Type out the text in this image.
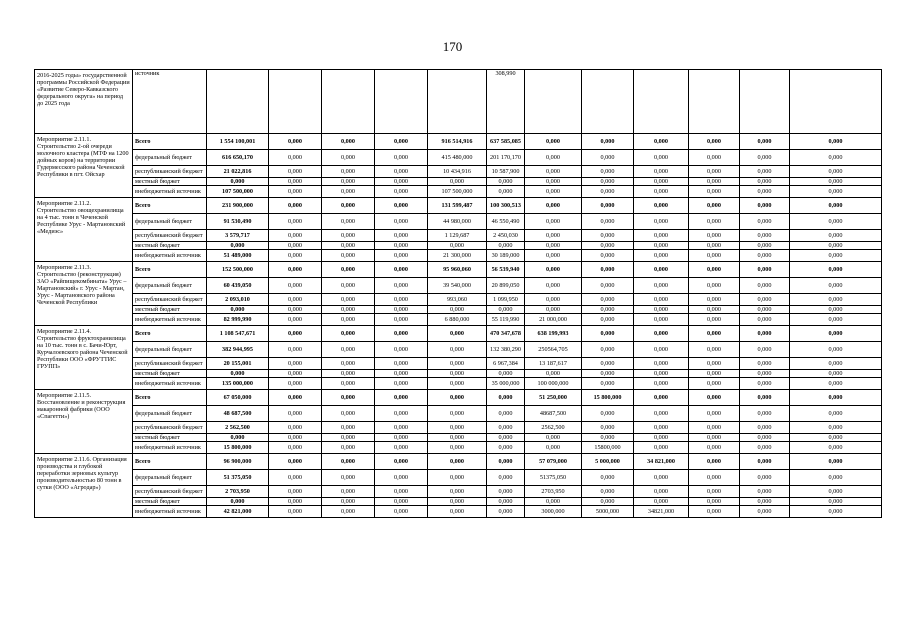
170
2016-2025 годы» государственной программы Российской Федерации «Развитие Северо-Кавказского федерального округа» на период до 2025 года	источник						308,990						
Мероприятие 2.11.1. Строительство 2-ой очереди молочного кластера (МТФ на 1200 дойных коров) на территории Гудермесского района Чеченской Республики в пгт. Ойсхар	Всего	1 554 100,001	0,000	0,000	0,000	916 514,916	637 585,085	0,000	0,000	0,000	0,000	0,000	0,000
	федеральный бюджет	616 650,170	0,000	0,000	0,000	415 480,000	201 170,170	0,000	0,000	0,000	0,000	0,000	0,000
	республиканский бюджет	21 022,816	0,000	0,000	0,000	10 434,916	10 587,900	0,000	0,000	0,000	0,000	0,000	0,000
	местный бюджет	0,000	0,000	0,000	0,000	0,000	0,000	0,000	0,000	0,000	0,000	0,000	0,000
	внебюджетный источник	107 500,000	0,000	0,000	0,000	107 500,000	0,000	0,000	0,000	0,000	0,000	0,000	0,000
Мероприятие 2.11.2. Строительство овощехранилища на 4 тыс. тонн в Чеченской Республике Урус - Мартановский «Медиэс»	Всего	231 900,000	0,000	0,000	0,000	131 599,487	100 300,513	0,000	0,000	0,000	0,000	0,000	0,000
	федеральный бюджет	91 530,490	0,000	0,000	0,000	44 980,000	46 550,490	0,000	0,000	0,000	0,000	0,000	0,000
	республиканский бюджет	3 579,717	0,000	0,000	0,000	1 129,687	2 450,030	0,000	0,000	0,000	0,000	0,000	0,000
	местный бюджет	0,000	0,000	0,000	0,000	0,000	0,000	0,000	0,000	0,000	0,000	0,000	0,000
	внебюджетный источник	51 489,000	0,000	0,000	0,000	21 300,000	30 189,000	0,000	0,000	0,000	0,000	0,000	0,000
Мероприятие 2.11.3. Строительство (реконструкция) ЗАО «Райпищекомбината» Урус – Мартановский» г. Урус - Мартан, Урус - Мартановского района Чеченской Республики	Всего	152 500,000	0,000	0,000	0,000	95 960,060	56 539,940	0,000	0,000	0,000	0,000	0,000	0,000
	федеральный бюджет	60 439,050	0,000	0,000	0,000	39 540,000	20 899,050	0,000	0,000	0,000	0,000	0,000	0,000
	республиканский бюджет	2 093,010	0,000	0,000	0,000	993,060	1 099,950	0,000	0,000	0,000	0,000	0,000	0,000
	местный бюджет	0,000	0,000	0,000	0,000	0,000	0,000	0,000	0,000	0,000	0,000	0,000	0,000
	внебюджетный источник	82 999,990	0,000	0,000	0,000	6 880,000	55 119,990	21 000,000	0,000	0,000	0,000	0,000	0,000
Мероприятие 2.11.4. Строительство фруктохранилища на 10 тыс. тонн в с. Бачи-Юрт, Курчалоевского района Чеченской Республики ООО «ФРУТТИС ГРУПП»	Всего	1 108 547,671	0,000	0,000	0,000	0,000	470 347,678	638 199,993	0,000	0,000	0,000	0,000	0,000
	федеральный бюджет	382 944,995	0,000	0,000	0,000	0,000	132 380,290	250564,705	0,000	0,000	0,000	0,000	0,000
	республиканский бюджет	20 155,001	0,000	0,000	0,000	0,000	6 967,384	13 187,617	0,000	0,000	0,000	0,000	0,000
	местный бюджет	0,000	0,000	0,000	0,000	0,000	0,000	0,000	0,000	0,000	0,000	0,000	0,000
	внебюджетный источник	135 000,000	0,000	0,000	0,000	0,000	35 000,000	100 000,000	0,000	0,000	0,000	0,000	0,000
Мероприятие 2.11.5. Восстановление и реконструкция макаронной фабрики (ООО «Спагетти»)	Всего	67 050,000	0,000	0,000	0,000	0,000	0,000	51 250,000	15 800,000	0,000	0,000	0,000	0,000
	федеральный бюджет	48 687,500	0,000	0,000	0,000	0,000	0,000	48687,500	0,000	0,000	0,000	0,000	0,000
	республиканский бюджет	2 562,500	0,000	0,000	0,000	0,000	0,000	2562,500	0,000	0,000	0,000	0,000	0,000
	местный бюджет	0,000	0,000	0,000	0,000	0,000	0,000	0,000	0,000	0,000	0,000	0,000	0,000
	внебюджетный источник	15 800,000	0,000	0,000	0,000	0,000	0,000	0,000	15800,000	0,000	0,000	0,000	0,000
Мероприятие 2.11.6. Организация производства и глубокой переработки зерновых культур производительностью 80 тонн в сутки (ООО «Агродар»)	Всего	96 900,000	0,000	0,000	0,000	0,000	0,000	57 079,000	5 000,000	34 821,000	0,000	0,000	0,000
	федеральный бюджет	51 375,050	0,000	0,000	0,000	0,000	0,000	51375,050	0,000	0,000	0,000	0,000	0,000
	республиканский бюджет	2 703,950	0,000	0,000	0,000	0,000	0,000	2703,950	0,000	0,000	0,000	0,000	0,000
	местный бюджет	0,000	0,000	0,000	0,000	0,000	0,000	0,000	0,000	0,000	0,000	0,000	0,000
	внебюджетный источник	42 821,000	0,000	0,000	0,000	0,000	0,000	3000,000	5000,000	34821,000	0,000	0,000	0,000
